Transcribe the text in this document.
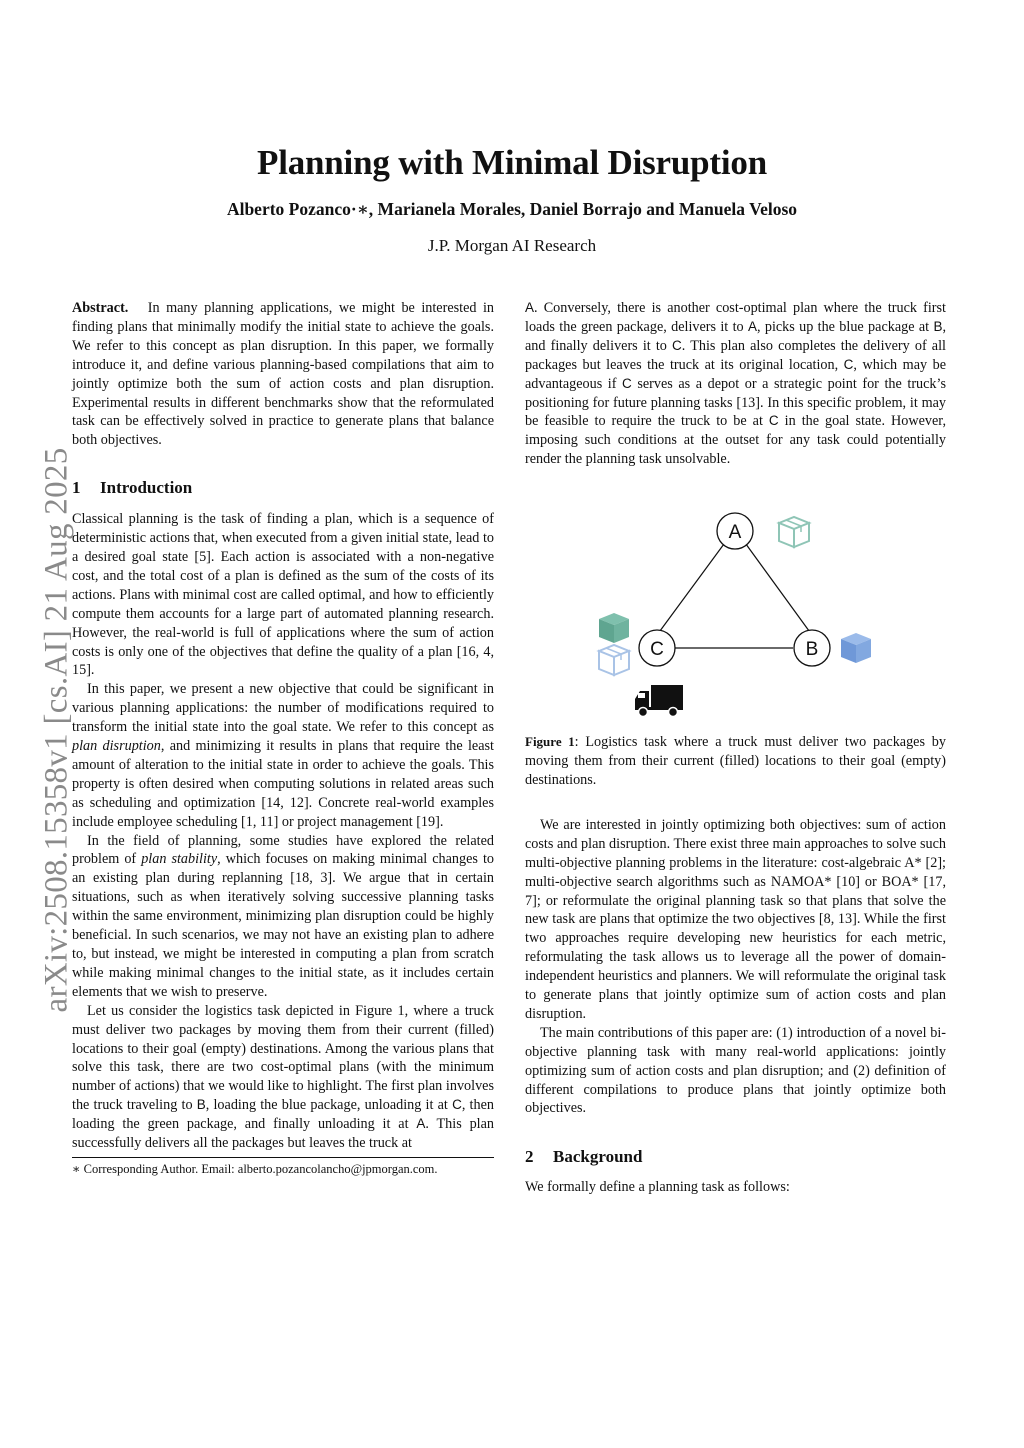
Planning with Minimal Disruption
Alberto Pozanco·∗, Marianela Morales, Daniel Borrajo and Manuela Veloso
J.P. Morgan AI Research
arXiv:2508.15358v1 [cs.AI] 21 Aug 2025

Abstract. In many planning applications, we might be interested in finding plans that minimally modify the initial state to achieve the goals. We refer to this concept as plan disruption. In this paper, we formally introduce it, and define various planning-based compilations that aim to jointly optimize both the sum of action costs and plan disruption. Experimental results in different benchmarks show that the reformulated task can be effectively solved in practice to generate plans that balance both objectives.

1 Introduction

Classical planning is the task of finding a plan, which is a sequence of deterministic actions that, when executed from a given initial state, lead to a desired goal state [5]. Each action is associated with a non-negative cost, and the total cost of a plan is defined as the sum of the costs of its actions. Plans with minimal cost are called optimal, and how to efficiently compute them accounts for a large part of automated planning research. However, the real-world is full of applications where the sum of action costs is only one of the objectives that define the quality of a plan [16, 4, 15].

In this paper, we present a new objective that could be significant in various planning applications: the number of modifications required to transform the initial state into the goal state. We refer to this concept as plan disruption, and minimizing it results in plans that require the least amount of alteration to the initial state in order to achieve the goals. This property is often desired when computing solutions in related areas such as scheduling and optimization [14, 12]. Concrete real-world examples include employee scheduling [1, 11] or project management [19].

In the field of planning, some studies have explored the related problem of plan stability, which focuses on making minimal changes to an existing plan during replanning [18, 3]. We argue that in certain situations, such as when iteratively solving successive planning tasks within the same environment, minimizing plan disruption could be highly beneficial. In such scenarios, we may not have an existing plan to adhere to, but instead, we might be interested in computing a plan from scratch while making minimal changes to the initial state, as it includes certain elements that we wish to preserve.

Let us consider the logistics task depicted in Figure 1, where a truck must deliver two packages by moving them from their current (filled) locations to their goal (empty) destinations. Among the various plans that solve this task, there are two cost-optimal plans (with the minimum number of actions) that we would like to highlight. The first plan involves the truck traveling to B, loading the blue package, unloading it at C, then loading the green package, and finally unloading it at A. This plan successfully delivers all the packages but leaves the truck at

∗ Corresponding Author. Email: alberto.pozancolancho@jpmorgan.com.

A. Conversely, there is another cost-optimal plan where the truck first loads the green package, delivers it to A, picks up the blue package at B, and finally delivers it to C. This plan also completes the delivery of all packages but leaves the truck at its original location, C, which may be advantageous if C serves as a depot or a strategic point for the truck’s positioning for future planning tasks [13]. In this specific problem, it may be feasible to require the truck to be at C in the goal state. However, imposing such conditions at the outset for any task could potentially render the planning task unsolvable.

A
B
C

Figure 1: Logistics task where a truck must deliver two packages by moving them from their current (filled) locations to their goal (empty) destinations.

We are interested in jointly optimizing both objectives: sum of action costs and plan disruption. There exist three main approaches to solve such multi-objective planning problems in the literature: cost-algebraic A* [2]; multi-objective search algorithms such as NAMOA* [10] or BOA* [17, 7]; or reformulate the original planning task so that plans that solve the new task are plans that optimize the two objectives [8, 13]. While the first two approaches require developing new heuristics for each metric, reformulating the task allows us to leverage all the power of domain-independent heuristics and planners. We will reformulate the original task to generate plans that jointly optimize sum of action costs and plan disruption.

The main contributions of this paper are: (1) introduction of a novel bi-objective planning task with many real-world applications: jointly optimizing sum of action costs and plan disruption; and (2) definition of different compilations to produce plans that jointly optimize both objectives.

2 Background

We formally define a planning task as follows:
